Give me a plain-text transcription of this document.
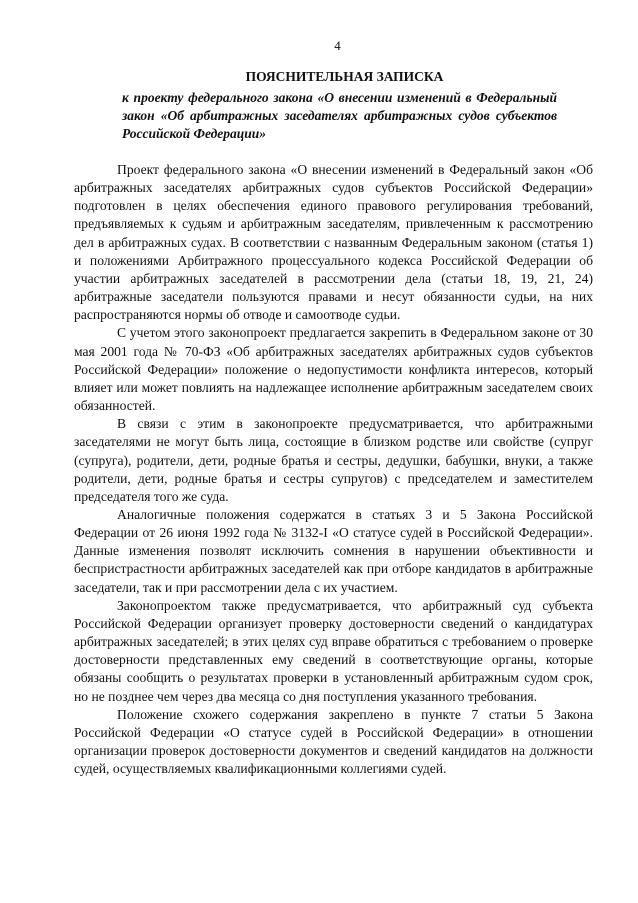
4
ПОЯСНИТЕЛЬНАЯ ЗАПИСКА
к проекту федерального закона «О внесении изменений в Федеральный закон «Об арбитражных заседателях арбитражных судов субъектов Российской Федерации»

Проект федерального закона «О внесении изменений в Федеральный закон «Об арбитражных заседателях арбитражных судов субъектов Российской Федерации» подготовлен в целях обеспечения единого правового регулирования требований, предъявляемых к судьям и арбитражным заседателям, привлеченным к рассмотрению дел в арбитражных судах. В соответствии с названным Федеральным законом (статья 1) и положениями Арбитражного процессуального кодекса Российской Федерации об участии арбитражных заседателей в рассмотрении дела (статьи 18, 19, 21, 24) арбитражные заседатели пользуются правами и несут обязанности судьи, на них распространяются нормы об отводе и самоотводе судьи.

С учетом этого законопроект предлагается закрепить в Федеральном законе от 30 мая 2001 года № 70-ФЗ «Об арбитражных заседателях арбитражных судов субъектов Российской Федерации» положение о недопустимости конфликта интересов, который влияет или может повлиять на надлежащее исполнение арбитражным заседателем своих обязанностей.

В связи с этим в законопроекте предусматривается, что арбитражными заседателями не могут быть лица, состоящие в близком родстве или свойстве (супруг (супруга), родители, дети, родные братья и сестры, дедушки, бабушки, внуки, а также родители, дети, родные братья и сестры супругов) с председателем и заместителем председателя того же суда.

Аналогичные положения содержатся в статьях 3 и 5 Закона Российской Федерации от 26 июня 1992 года № 3132-I «О статусе судей в Российской Федерации». Данные изменения позволят исключить сомнения в нарушении объективности и беспристрастности арбитражных заседателей как при отборе кандидатов в арбитражные заседатели, так и при рассмотрении дела с их участием.

Законопроектом также предусматривается, что арбитражный суд субъекта Российской Федерации организует проверку достоверности сведений о кандидатурах арбитражных заседателей; в этих целях суд вправе обратиться с требованием о проверке достоверности представленных ему сведений в соответствующие органы, которые обязаны сообщить о результатах проверки в установленный арбитражным судом срок, но не позднее чем через два месяца со дня поступления указанного требования.

Положение схожего содержания закреплено в пункте 7 статьи 5 Закона Российской Федерации «О статусе судей в Российской Федерации» в отношении организации проверок достоверности документов и сведений кандидатов на должности судей, осуществляемых квалификационными коллегиями судей.
